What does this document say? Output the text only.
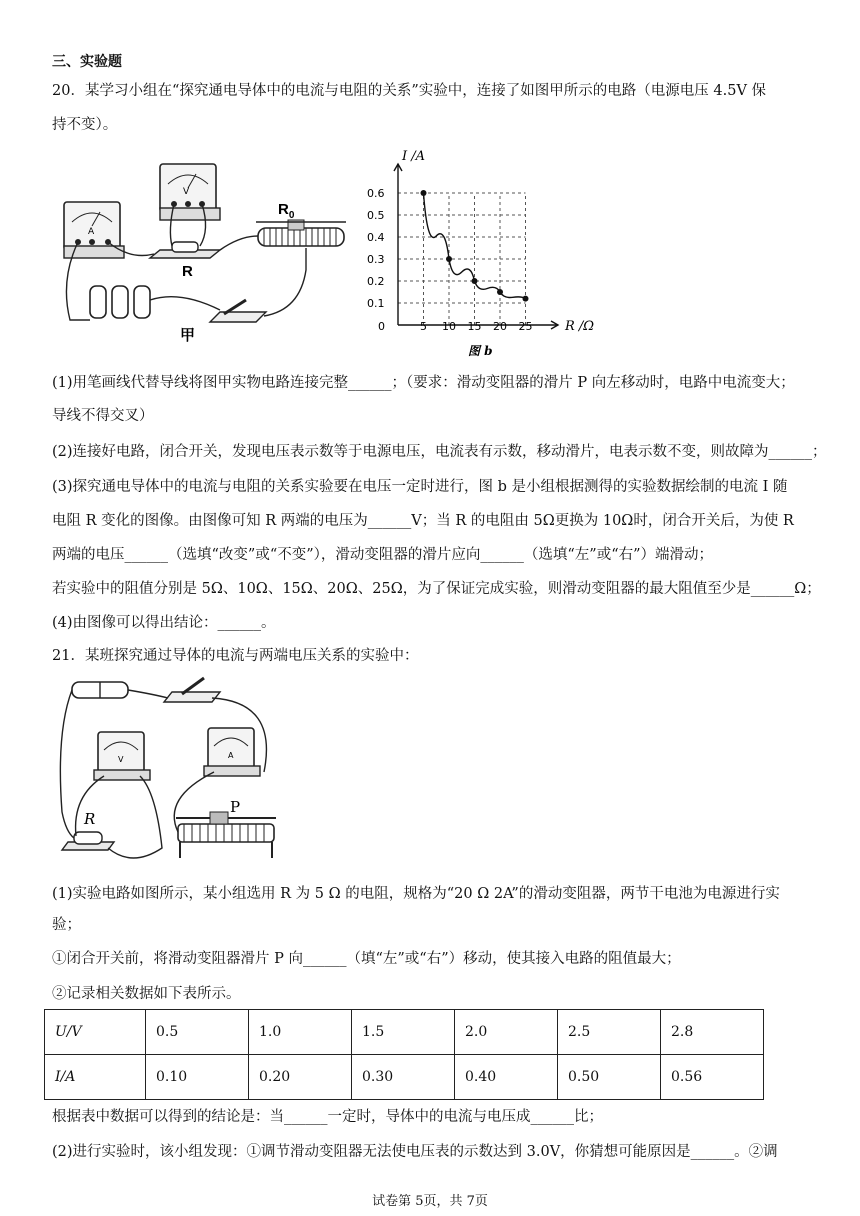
三、实验题
20．某学习小组在“探究通电导体中的电流与电阻的关系”实验中，连接了如图甲所示的电路（电源电压 4.5V 保
持不变）。
A
V
R
$R_0$
甲
0.6
0.5
0.4
0.3
0.2
0.1
5 10 15 20 25
I /A
R /Ω
0
图 b
(1)用笔画线代替导线将图甲实物电路连接完整______；（要求：滑动变阻器的滑片 P 向左移动时，电路中电流变大；
导线不得交叉）
(2)连接好电路，闭合开关，发现电压表示数等于电源电压，电流表有示数，移动滑片，电表示数不变，则故障为______；
(3)探究通电导体中的电流与电阻的关系实验要在电压一定时进行，图 b 是小组根据测得的实验数据绘制的电流 I 随
电阻 R 变化的图像。由图像可知 R 两端的电压为______V；当 R 的电阻由 5Ω更换为 10Ω时，闭合开关后，为使 R
两端的电压______（选填“改变”或“不变”），滑动变阻器的滑片应向______（选填“左”或“右”）端滑动；
若实验中的阻值分别是 5Ω、10Ω、15Ω、20Ω、25Ω，为了保证完成实验，则滑动变阻器的最大阻值至少是______Ω；
(4)由图像可以得出结论：______。
21．某班探究通过导体的电流与两端电压关系的实验中：
V	A
R
P
(1)实验电路如图所示，某小组选用 R 为 5 Ω 的电阻，规格为“20 Ω 2A”的滑动变阻器，两节干电池为电源进行实
验；
①闭合开关前，将滑动变阻器滑片 P 向______（填“左”或“右”）移动，使其接入电路的阻值最大；
②记录相关数据如下表所示。
U/V	0.5	1.0	1.5	2.0	2.5	2.8
I/A	0.10	0.20	0.30	0.40	0.50	0.56
根据表中数据可以得到的结论是：当______一定时，导体中的电流与电压成______比；
(2)进行实验时，该小组发现：①调节滑动变阻器无法使电压表的示数达到 3.0V，你猜想可能原因是______。②调
试卷第 5页，共 7页
